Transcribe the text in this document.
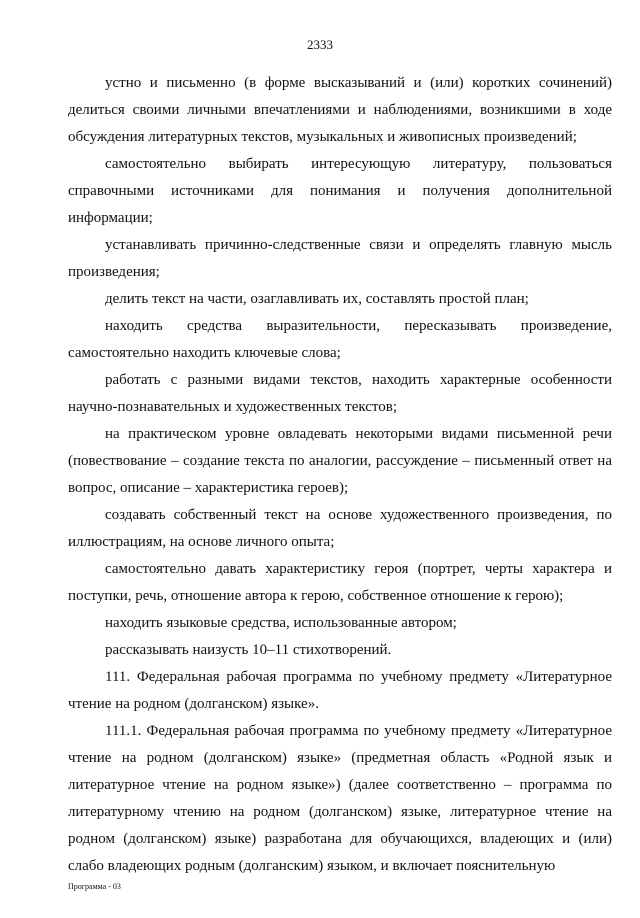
2333

устно и письменно (в форме высказываний и (или) коротких сочинений) делиться своими личными впечатлениями и наблюдениями, возникшими в ходе обсуждения литературных текстов, музыкальных и живописных произведений;

самостоятельно выбирать интересующую литературу, пользоваться справочными источниками для понимания и получения дополнительной информации;

устанавливать причинно-следственные связи и определять главную мысль произведения;

делить текст на части, озаглавливать их, составлять простой план;

находить средства выразительности, пересказывать произведение, самостоятельно находить ключевые слова;

работать с разными видами текстов, находить характерные особенности научно-познавательных и художественных текстов;

на практическом уровне овладевать некоторыми видами письменной речи (повествование – создание текста по аналогии, рассуждение – письменный ответ на вопрос, описание – характеристика героев);

создавать собственный текст на основе художественного произведения, по иллюстрациям, на основе личного опыта;

самостоятельно давать характеристику героя (портрет, черты характера и поступки, речь, отношение автора к герою, собственное отношение к герою);

находить языковые средства, использованные автором;

рассказывать наизусть 10–11 стихотворений.

111. Федеральная рабочая программа по учебному предмету «Литературное чтение на родном (долганском) языке».

111.1. Федеральная рабочая программа по учебному предмету «Литературное чтение на родном (долганском) языке» (предметная область «Родной язык и литературное чтение на родном языке») (далее соответственно – программа по литературному чтению на родном (долганском) языке, литературное чтение на родном (долганском) языке) разработана для обучающихся, владеющих и (или) слабо владеющих родным (долганским) языком, и включает пояснительную

Программа - 03
